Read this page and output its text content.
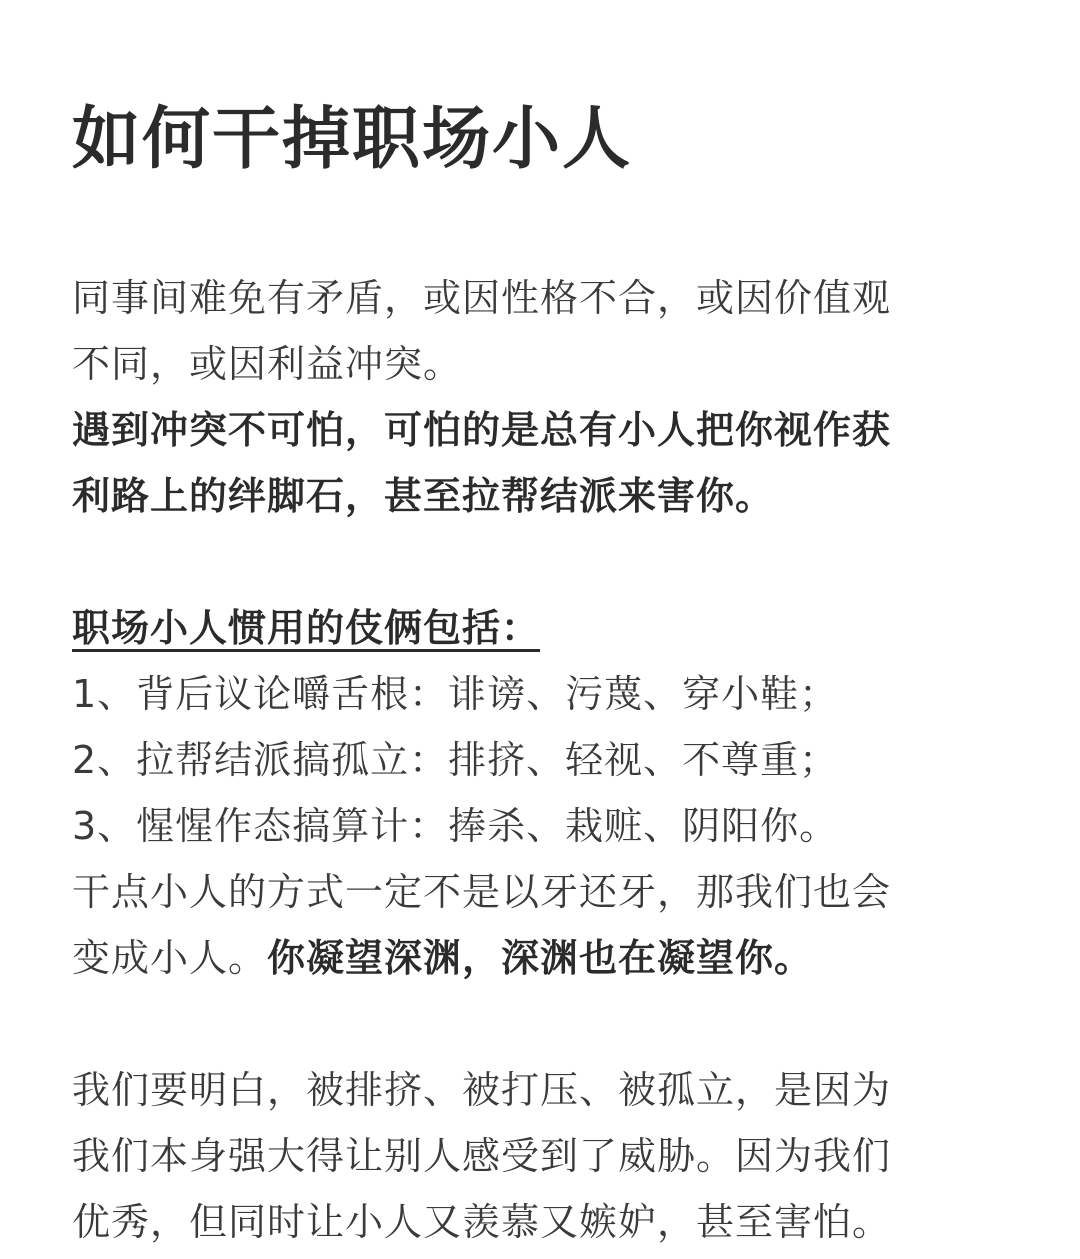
如何干掉职场小人
同事间难免有矛盾，或因性格不合，或因价值观
不同，或因利益冲突。
遇到冲突不可怕，可怕的是总有小人把你视作获
利路上的绊脚石，甚至拉帮结派来害你。
职场小人惯用的伎俩包括：
1、背后议论嚼舌根：诽谤、污蔑、穿小鞋；
2、拉帮结派搞孤立：排挤、轻视、不尊重；
3、惺惺作态搞算计：捧杀、栽赃、阴阳你。
干点小人的方式一定不是以牙还牙，那我们也会
变成小人。你凝望深渊，深渊也在凝望你。
我们要明白，被排挤、被打压、被孤立，是因为
我们本身强大得让别人感受到了威胁。因为我们
优秀，但同时让小人又羡慕又嫉妒，甚至害怕。
